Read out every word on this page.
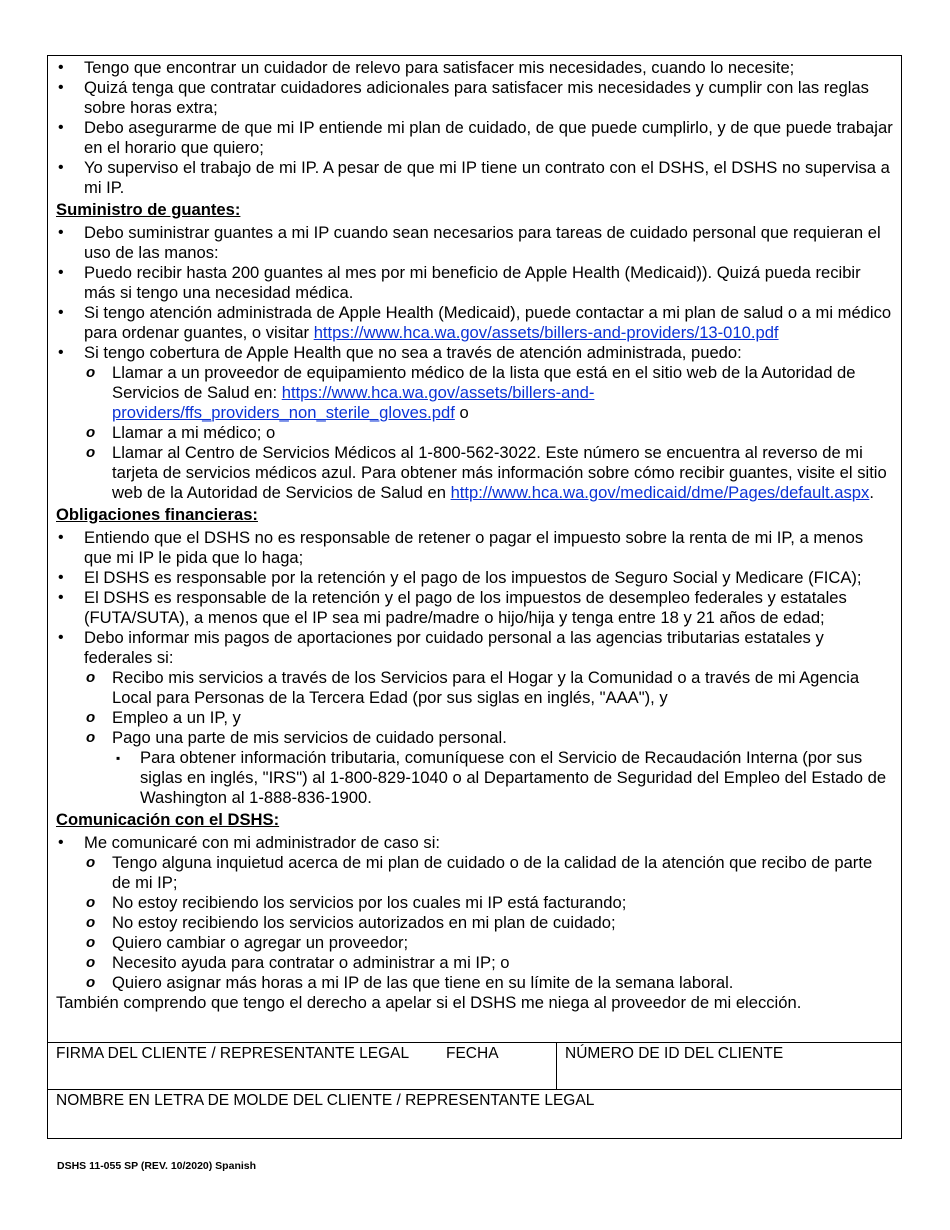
• Tengo que encontrar un cuidador de relevo para satisfacer mis necesidades, cuando lo necesite;
• Quizá tenga que contratar cuidadores adicionales para satisfacer mis necesidades y cumplir con las reglas sobre horas extra;
• Debo asegurarme de que mi IP entiende mi plan de cuidado, de que puede cumplirlo, y de que puede trabajar en el horario que quiero;
• Yo superviso el trabajo de mi IP. A pesar de que mi IP tiene un contrato con el DSHS, el DSHS no supervisa a mi IP.
Suministro de guantes:
• Debo suministrar guantes a mi IP cuando sean necesarios para tareas de cuidado personal que requieran el uso de las manos:
• Puedo recibir hasta 200 guantes al mes por mi beneficio de Apple Health (Medicaid)). Quizá pueda recibir más si tengo una necesidad médica.
• Si tengo atención administrada de Apple Health (Medicaid), puede contactar a mi plan de salud o a mi médico para ordenar guantes, o visitar https://www.hca.wa.gov/assets/billers-and-providers/13-010.pdf
• Si tengo cobertura de Apple Health que no sea a través de atención administrada, puedo:
o Llamar a un proveedor de equipamiento médico de la lista que está en el sitio web de la Autoridad de Servicios de Salud en: https://www.hca.wa.gov/assets/billers-and-providers/ffs_providers_non_sterile_gloves.pdf o
o Llamar a mi médico; o
o Llamar al Centro de Servicios Médicos al 1-800-562-3022. Este número se encuentra al reverso de mi tarjeta de servicios médicos azul. Para obtener más información sobre cómo recibir guantes, visite el sitio web de la Autoridad de Servicios de Salud en http://www.hca.wa.gov/medicaid/dme/Pages/default.aspx.
Obligaciones financieras:
• Entiendo que el DSHS no es responsable de retener o pagar el impuesto sobre la renta de mi IP, a menos que mi IP le pida que lo haga;
• El DSHS es responsable por la retención y el pago de los impuestos de Seguro Social y Medicare (FICA);
• El DSHS es responsable de la retención y el pago de los impuestos de desempleo federales y estatales (FUTA/SUTA), a menos que el IP sea mi padre/madre o hijo/hija y tenga entre 18 y 21 años de edad;
• Debo informar mis pagos de aportaciones por cuidado personal a las agencias tributarias estatales y federales si:
o Recibo mis servicios a través de los Servicios para el Hogar y la Comunidad o a través de mi Agencia Local para Personas de la Tercera Edad (por sus siglas en inglés, "AAA"), y
o Empleo a un IP, y
o Pago una parte de mis servicios de cuidado personal.
▪ Para obtener información tributaria, comuníquese con el Servicio de Recaudación Interna (por sus siglas en inglés, "IRS") al 1-800-829-1040 o al Departamento de Seguridad del Empleo del Estado de Washington al 1-888-836-1900.
Comunicación con el DSHS:
• Me comunicaré con mi administrador de caso si:
o Tengo alguna inquietud acerca de mi plan de cuidado o de la calidad de la atención que recibo de parte de mi IP;
o No estoy recibiendo los servicios por los cuales mi IP está facturando;
o No estoy recibiendo los servicios autorizados en mi plan de cuidado;
o Quiero cambiar o agregar un proveedor;
o Necesito ayuda para contratar o administrar a mi IP; o
o Quiero asignar más horas a mi IP de las que tiene en su límite de la semana laboral.
También comprendo que tengo el derecho a apelar si el DSHS me niega al proveedor de mi elección.
FIRMA DEL CLIENTE / REPRESENTANTE LEGAL FECHA	NÚMERO DE ID DEL CLIENTE
NOMBRE EN LETRA DE MOLDE DEL CLIENTE / REPRESENTANTE LEGAL
DSHS 11-055 SP (REV. 10/2020) Spanish
